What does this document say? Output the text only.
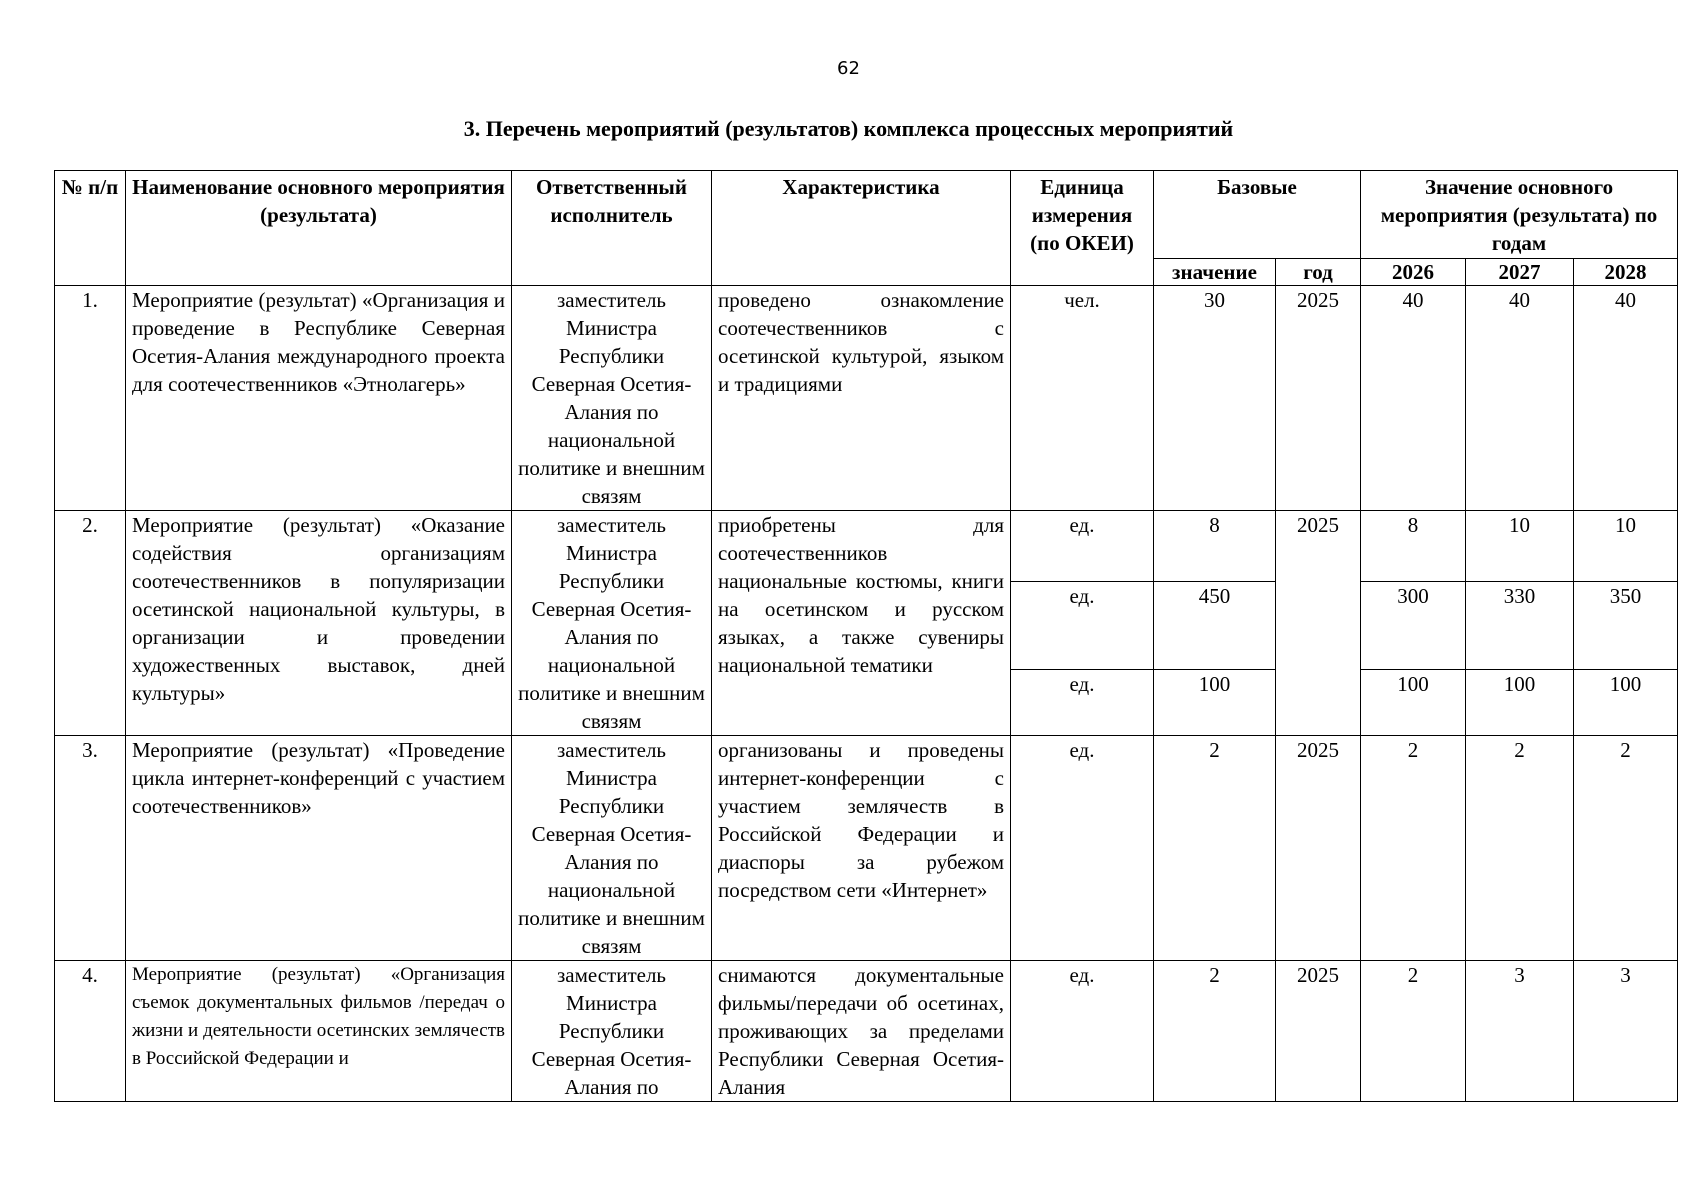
62
3. Перечень мероприятий (результатов) комплекса процессных мероприятий
№ п/п	Наименование основного мероприятия (результата)	Ответственный исполнитель	Характеристика	Единица измерения (по ОКЕИ)	Базовые		Значение основного мероприятия (результата) по годам		
					значение	год	2026	2027	2028
1.	Мероприятие (результат) «Организация и проведение в Республике Северная Осетия-Алания международного проекта для соотечественников «Этнолагерь»	заместитель Министра Республики Северная Осетия-Алания по национальной политике и внешним связям	проведено ознакомление соотечественников с осетинской культурой, языком и традициями	чел.	30	2025	40	40	40
2.	Мероприятие (результат) «Оказание содействия организациям соотечественников в популяризации осетинской национальной культуры, в организации и проведении художественных выставок, дней культуры»	заместитель Министра Республики Северная Осетия-Алания по национальной политике и внешним связям	приобретены для соотечественников национальные костюмы, книги на осетинском и русском языках, а также сувениры национальной тематики	ед.	8	2025	8	10	10
				ед.	450		300	330	350
				ед.	100		100	100	100
3.	Мероприятие (результат) «Проведение цикла интернет-конференций с участием соотечественников»	заместитель Министра Республики Северная Осетия-Алания по национальной политике и внешним связям	организованы и проведены интернет-конференции с участием землячеств в Российской Федерации и диаспоры за рубежом посредством сети «Интернет»	ед.	2	2025	2	2	2
4.	Мероприятие (результат) «Организация съемок документальных фильмов /передач о жизни и деятельности осетинских землячеств в Российской Федерации и	заместитель Министра Республики Северная Осетия-Алания по	снимаются документальные фильмы/передачи об осетинах, проживающих за пределами Республики Северная Осетия-Алания	ед.	2	2025	2	3	3
